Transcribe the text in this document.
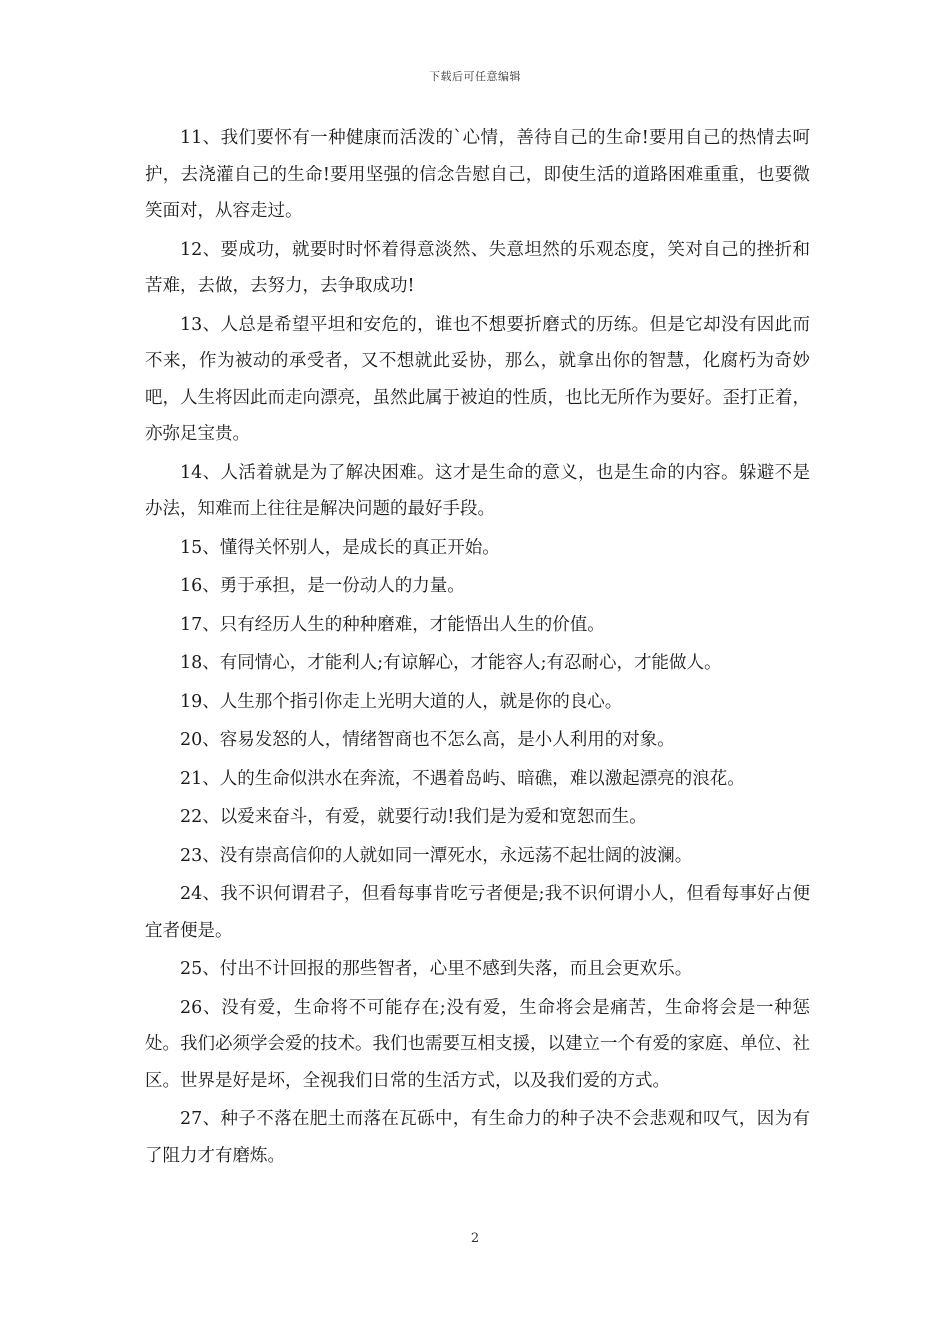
下载后可任意编辑

11、我们要怀有一种健康而活泼的`心情，善待自己的生命!要用自己的热情去呵护，去浇灌自己的生命!要用坚强的信念告慰自己，即使生活的道路困难重重，也要微笑面对，从容走过。

12、要成功，就要时时怀着得意淡然、失意坦然的乐观态度，笑对自己的挫折和苦难，去做，去努力，去争取成功!

13、人总是希望平坦和安危的，谁也不想要折磨式的历练。但是它却没有因此而不来，作为被动的承受者，又不想就此妥协，那么，就拿出你的智慧，化腐朽为奇妙吧，人生将因此而走向漂亮，虽然此属于被迫的性质，也比无所作为要好。歪打正着，亦弥足宝贵。

14、人活着就是为了解决困难。这才是生命的意义，也是生命的内容。躲避不是办法，知难而上往往是解决问题的最好手段。

15、懂得关怀别人，是成长的真正开始。

16、勇于承担，是一份动人的力量。

17、只有经历人生的种种磨难，才能悟出人生的价值。

18、有同情心，才能利人;有谅解心，才能容人;有忍耐心，才能做人。

19、人生那个指引你走上光明大道的人，就是你的良心。

20、容易发怒的人，情绪智商也不怎么高，是小人利用的对象。

21、人的生命似洪水在奔流，不遇着岛屿、暗礁，难以激起漂亮的浪花。

22、以爱来奋斗，有爱，就要行动!我们是为爱和宽恕而生。

23、没有崇高信仰的人就如同一潭死水，永远荡不起壮阔的波澜。

24、我不识何谓君子，但看每事肯吃亏者便是;我不识何谓小人，但看每事好占便宜者便是。

25、付出不计回报的那些智者，心里不感到失落，而且会更欢乐。

26、没有爱，生命将不可能存在;没有爱，生命将会是痛苦，生命将会是一种惩处。我们必须学会爱的技术。我们也需要互相支援，以建立一个有爱的家庭、单位、社区。世界是好是坏，全视我们日常的生活方式，以及我们爱的方式。

27、种子不落在肥土而落在瓦砾中，有生命力的种子决不会悲观和叹气，因为有了阻力才有磨炼。

2
